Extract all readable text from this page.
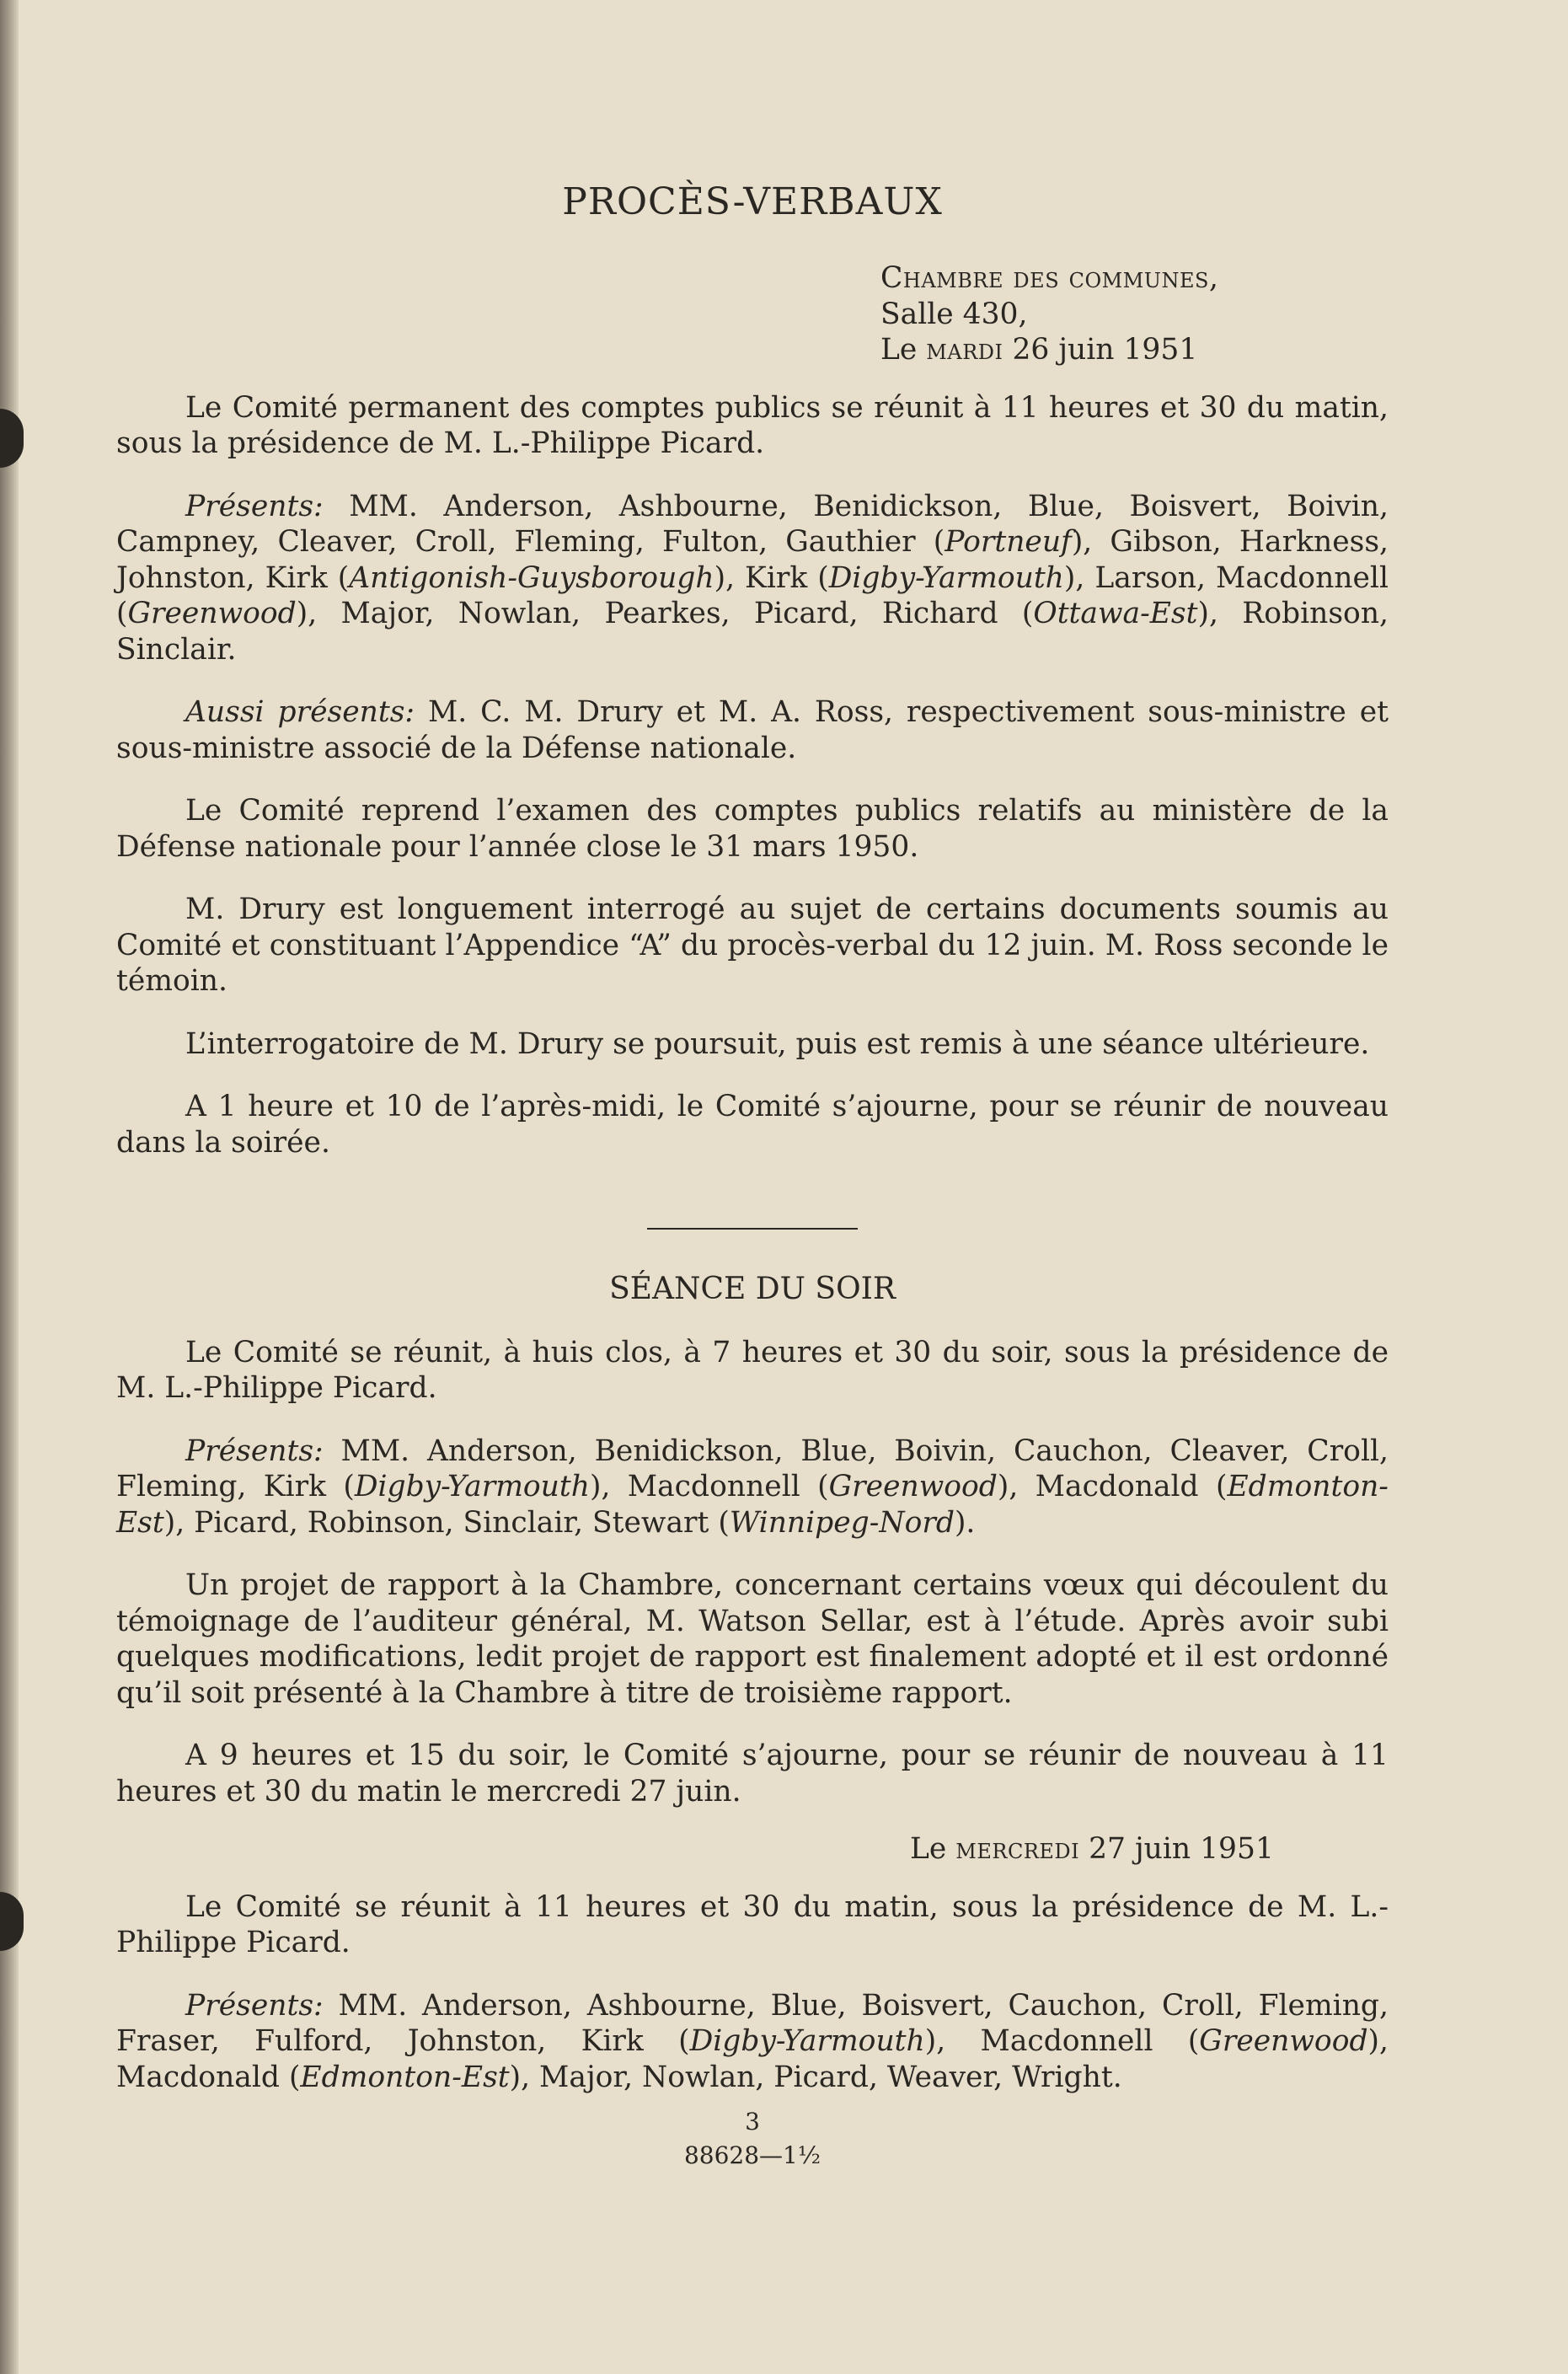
PROCÈS-VERBAUX
Chambre des communes,
Salle 430,
Le mardi 26 juin 1951

Le Comité permanent des comptes publics se réunit à 11 heures et 30 du matin, sous la présidence de M. L.-Philippe Picard.

Présents: MM. Anderson, Ashbourne, Benidickson, Blue, Boisvert, Boivin, Campney, Cleaver, Croll, Fleming, Fulton, Gauthier (Portneuf), Gibson, Harkness, Johnston, Kirk (Antigonish-Guysborough), Kirk (Digby-Yarmouth), Larson, Macdonnell (Greenwood), Major, Nowlan, Pearkes, Picard, Richard (Ottawa-Est), Robinson, Sinclair.

Aussi présents: M. C. M. Drury et M. A. Ross, respectivement sous-ministre et sous-ministre associé de la Défense nationale.

Le Comité reprend l’examen des comptes publics relatifs au ministère de la Défense nationale pour l’année close le 31 mars 1950.

M. Drury est longuement interrogé au sujet de certains documents soumis au Comité et constituant l’Appendice “A” du procès-verbal du 12 juin. M. Ross seconde le témoin.

L’interrogatoire de M. Drury se poursuit, puis est remis à une séance ultérieure.

A 1 heure et 10 de l’après-midi, le Comité s’ajourne, pour se réunir de nouveau dans la soirée.

SÉANCE DU SOIR

Le Comité se réunit, à huis clos, à 7 heures et 30 du soir, sous la présidence de M. L.-Philippe Picard.

Présents: MM. Anderson, Benidickson, Blue, Boivin, Cauchon, Cleaver, Croll, Fleming, Kirk (Digby-Yarmouth), Macdonnell (Greenwood), Macdonald (Edmonton-Est), Picard, Robinson, Sinclair, Stewart (Winnipeg-Nord).

Un projet de rapport à la Chambre, concernant certains vœux qui découlent du témoignage de l’auditeur général, M. Watson Sellar, est à l’étude. Après avoir subi quelques modifications, ledit projet de rapport est finalement adopté et il est ordonné qu’il soit présenté à la Chambre à titre de troisième rapport.

A 9 heures et 15 du soir, le Comité s’ajourne, pour se réunir de nouveau à 11 heures et 30 du matin le mercredi 27 juin.

Le mercredi 27 juin 1951

Le Comité se réunit à 11 heures et 30 du matin, sous la présidence de M. L.-Philippe Picard.

Présents: MM. Anderson, Ashbourne, Blue, Boisvert, Cauchon, Croll, Fleming, Fraser, Fulford, Johnston, Kirk (Digby-Yarmouth), Macdonnell (Greenwood), Macdonald (Edmonton-Est), Major, Nowlan, Picard, Weaver, Wright.

3
88628—1½
